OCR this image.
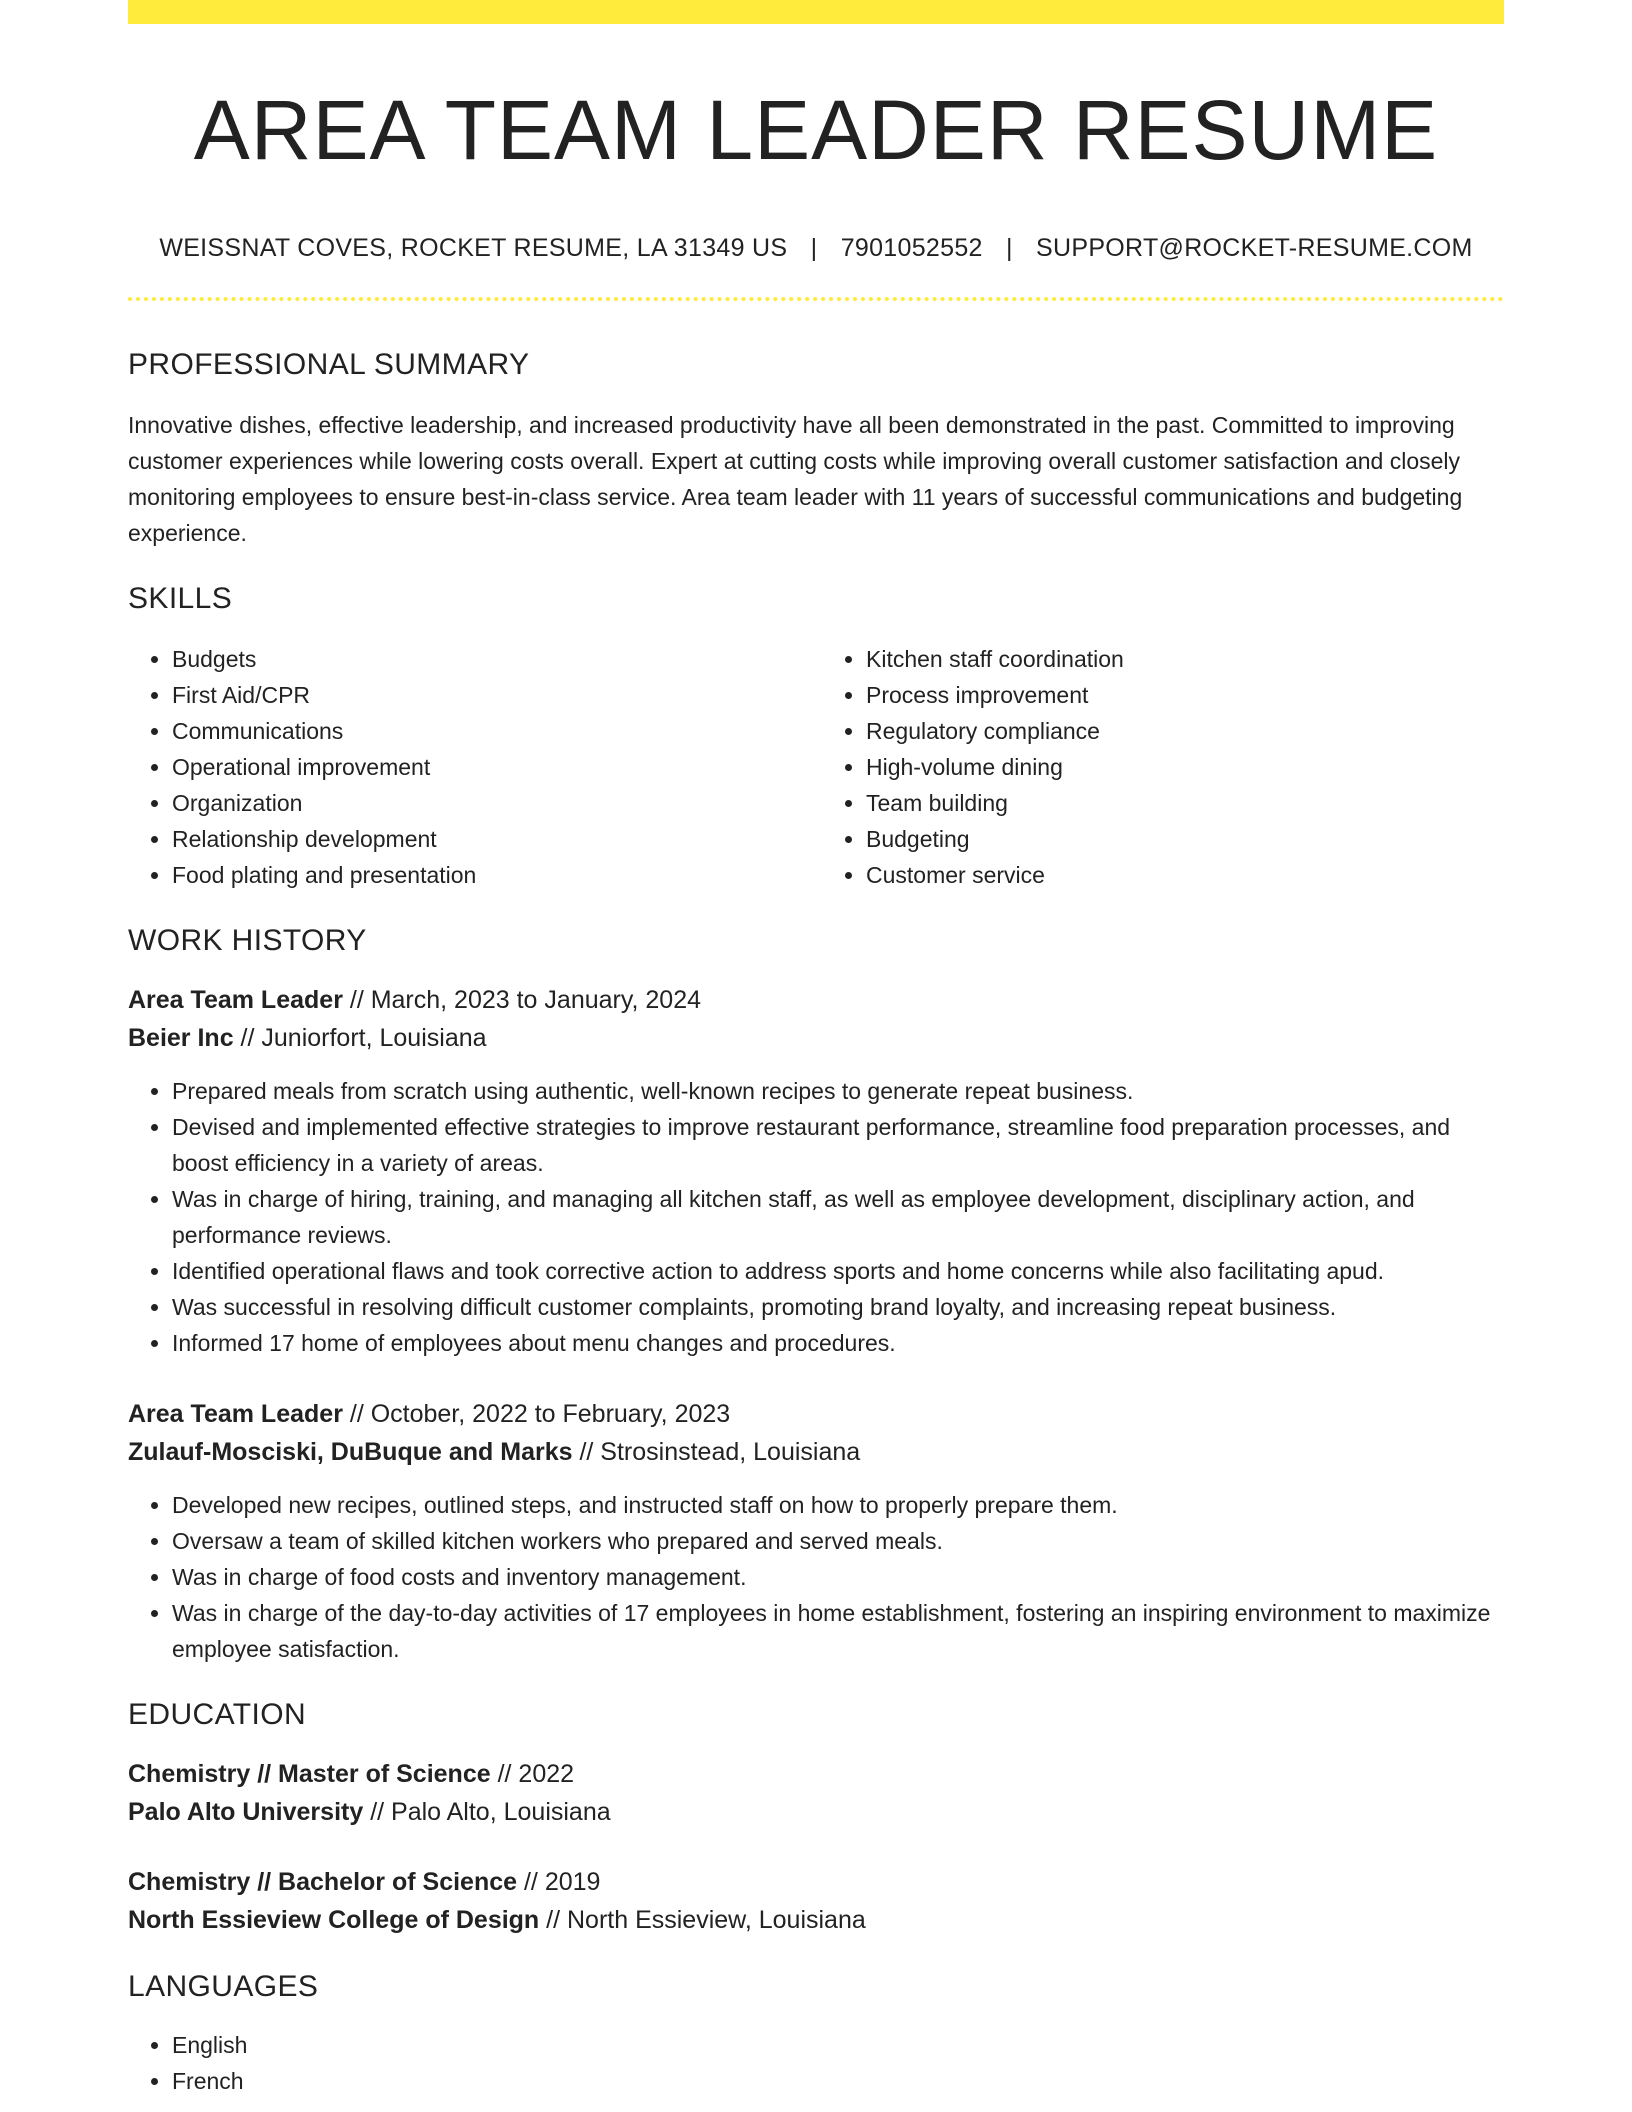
AREA TEAM LEADER RESUME
WEISSNAT COVES, ROCKET RESUME, LA 31349 US | 7901052552 | SUPPORT@ROCKET-RESUME.COM
PROFESSIONAL SUMMARY

Innovative dishes, effective leadership, and increased productivity have all been demonstrated in the past. Committed to improving customer experiences while lowering costs overall. Expert at cutting costs while improving overall customer satisfaction and closely monitoring employees to ensure best-in-class service. Area team leader with 11 years of successful communications and budgeting experience.

SKILLS
• Budgets
• First Aid/CPR
• Communications
• Operational improvement
• Organization
• Relationship development
• Food plating and presentation
• Kitchen staff coordination
• Process improvement
• Regulatory compliance
• High-volume dining
• Team building
• Budgeting
• Customer service
WORK HISTORY
Area Team Leader // March, 2023 to January, 2024
Beier Inc // Juniorfort, Louisiana
• Prepared meals from scratch using authentic, well-known recipes to generate repeat business.
• Devised and implemented effective strategies to improve restaurant performance, streamline food preparation processes, and boost efficiency in a variety of areas.
• Was in charge of hiring, training, and managing all kitchen staff, as well as employee development, disciplinary action, and performance reviews.
• Identified operational flaws and took corrective action to address sports and home concerns while also facilitating apud.
• Was successful in resolving difficult customer complaints, promoting brand loyalty, and increasing repeat business.
• Informed 17 home of employees about menu changes and procedures.
Area Team Leader // October, 2022 to February, 2023
Zulauf-Mosciski, DuBuque and Marks // Strosinstead, Louisiana
• Developed new recipes, outlined steps, and instructed staff on how to properly prepare them.
• Oversaw a team of skilled kitchen workers who prepared and served meals.
• Was in charge of food costs and inventory management.
• Was in charge of the day-to-day activities of 17 employees in home establishment, fostering an inspiring environment to maximize employee satisfaction.
EDUCATION
Chemistry // Master of Science // 2022
Palo Alto University // Palo Alto, Louisiana
Chemistry // Bachelor of Science // 2019
North Essieview College of Design // North Essieview, Louisiana
LANGUAGES
• English
• French
